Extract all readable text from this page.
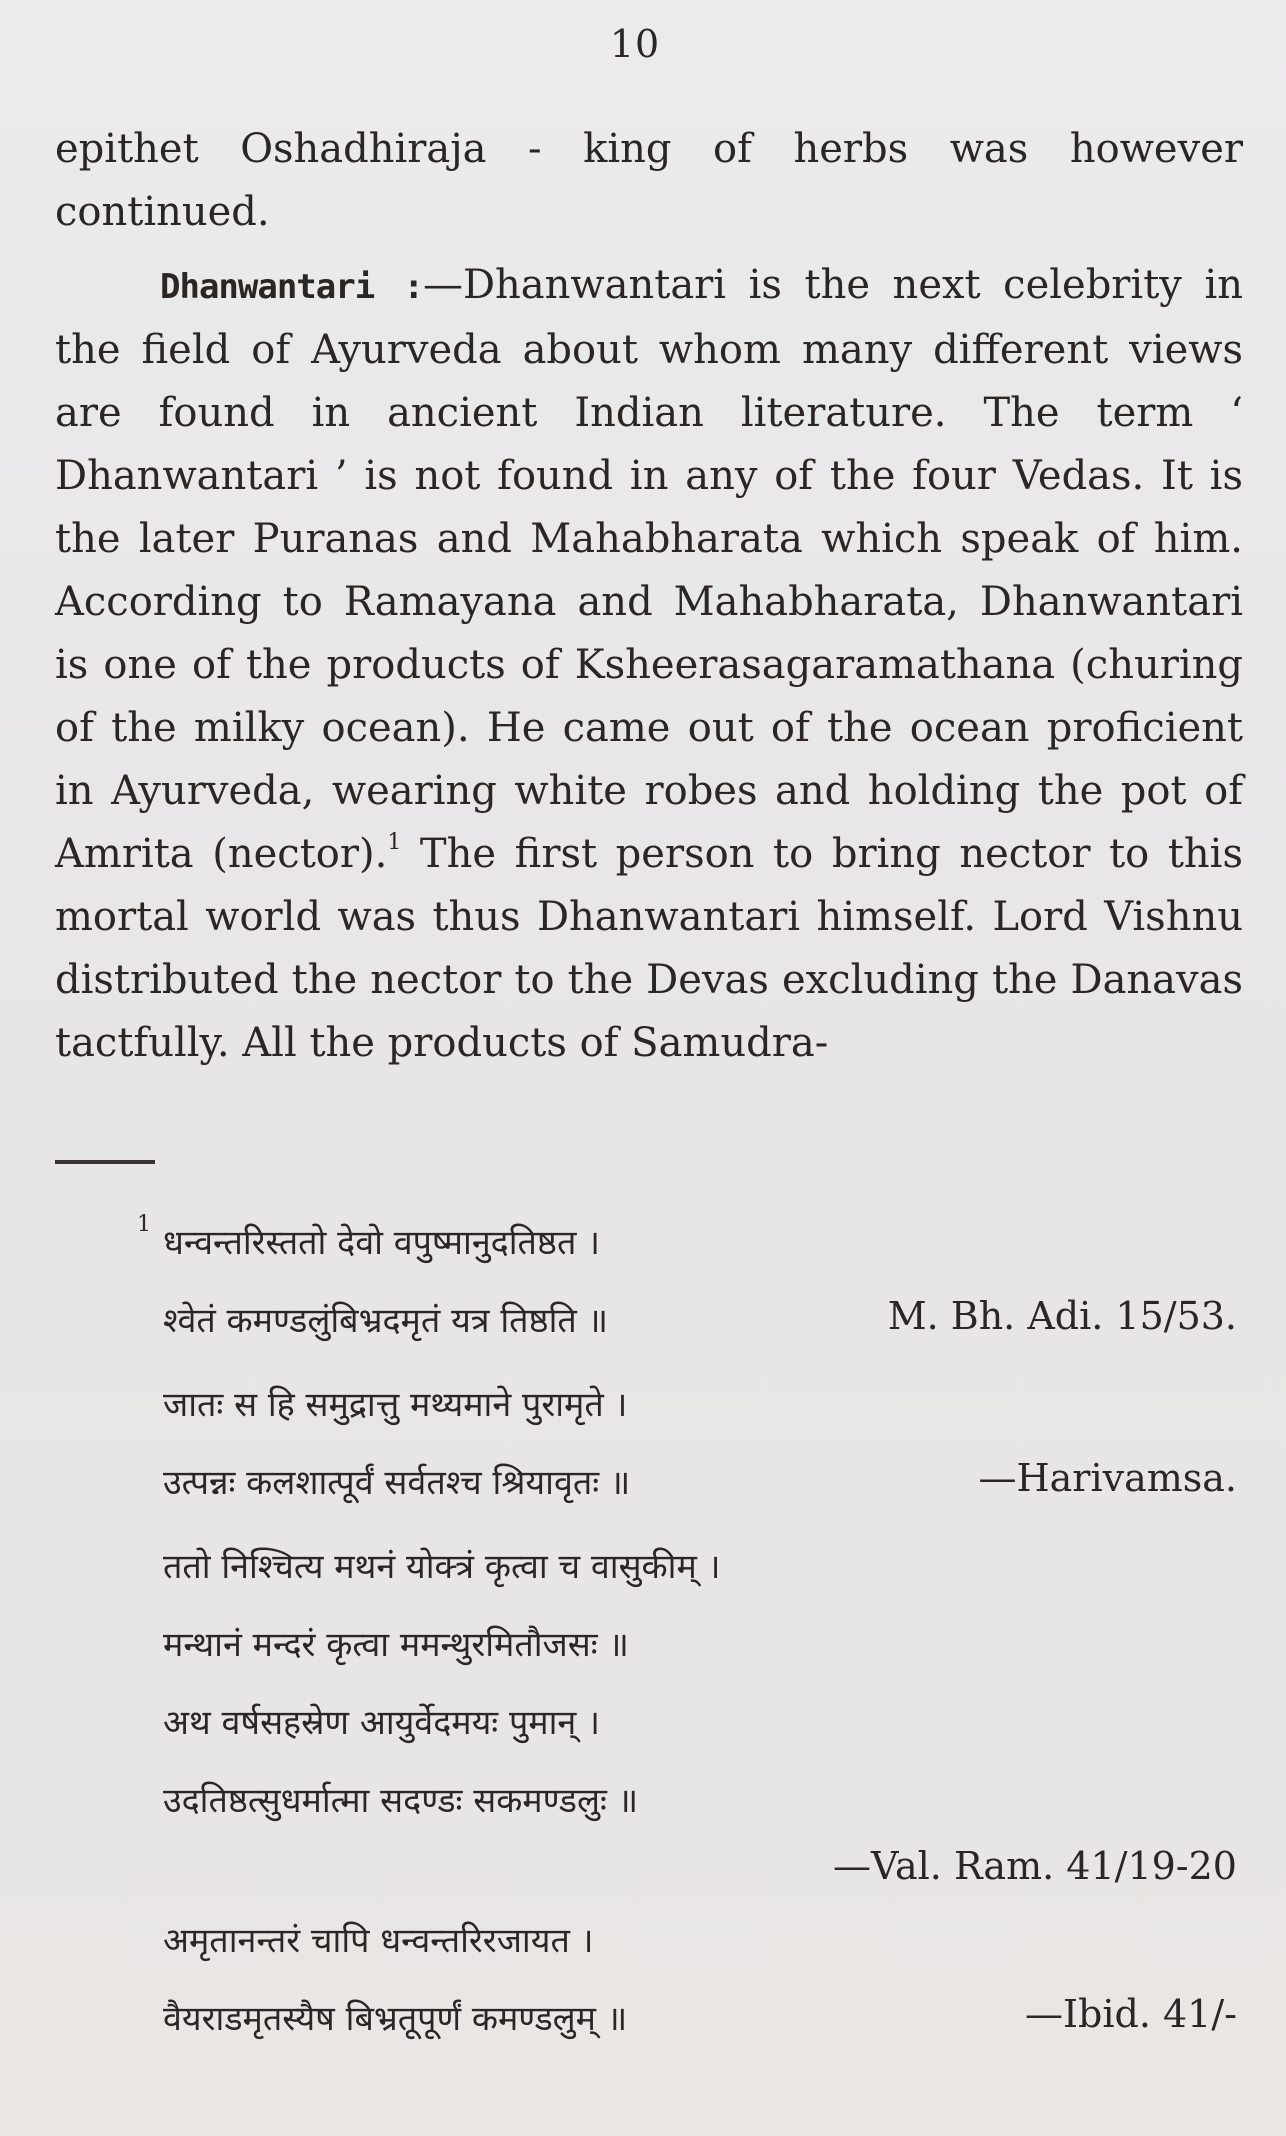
10

epithet Oshadhiraja - king of herbs was however continued.

Dhanwantari :—Dhanwantari is the next celebrity in the field of Ayurveda about whom many different views are found in ancient Indian literature. The term ‘ Dhanwantari ’ is not found in any of the four Vedas. It is the later Puranas and Mahabharata which speak of him. According to Ramayana and Mahabharata, Dhanwantari is one of the products of Ksheerasagaramathana (churing of the milky ocean). He came out of the ocean proficient in Ayurveda, wearing white robes and holding the pot of Amrita (nector).$^1$ The first person to bring nector to this mortal world was thus Dhanwantari himself. Lord Vishnu distributed the nector to the Devas excluding the Danavas tactfully. All the products of Samudra-

1 धन्वन्तरिस्ततो देवो वपुष्मानुदतिष्ठत ।
श्वेतं कमण्डलुंबिभ्रदमृतं यत्र तिष्ठति ॥	M. Bh. Adi. 15/53.
जातः स हि समुद्रात्तु मथ्यमाने पुरामृते ।
उत्पन्नः कलशात्पूर्वं सर्वतश्च श्रियावृतः ॥	—Harivamsa.
ततो निश्चित्य मथनं योक्त्रं कृत्वा च वासुकीम् ।
मन्थानं मन्दरं कृत्वा ममन्थुरमितौजसः ॥
अथ वर्षसहस्रेण आयुर्वेदमयः पुमान् ।
उदतिष्ठत्सुधर्मात्मा सदण्डः सकमण्डलुः ॥
—Val. Ram. 41/19-20
अमृतानन्तरं चापि धन्वन्तरिरजायत ।
वैयराडमृतस्यैष बिभ्रतूपूर्णं कमण्डलुम् ॥	—Ibid. 41/-
